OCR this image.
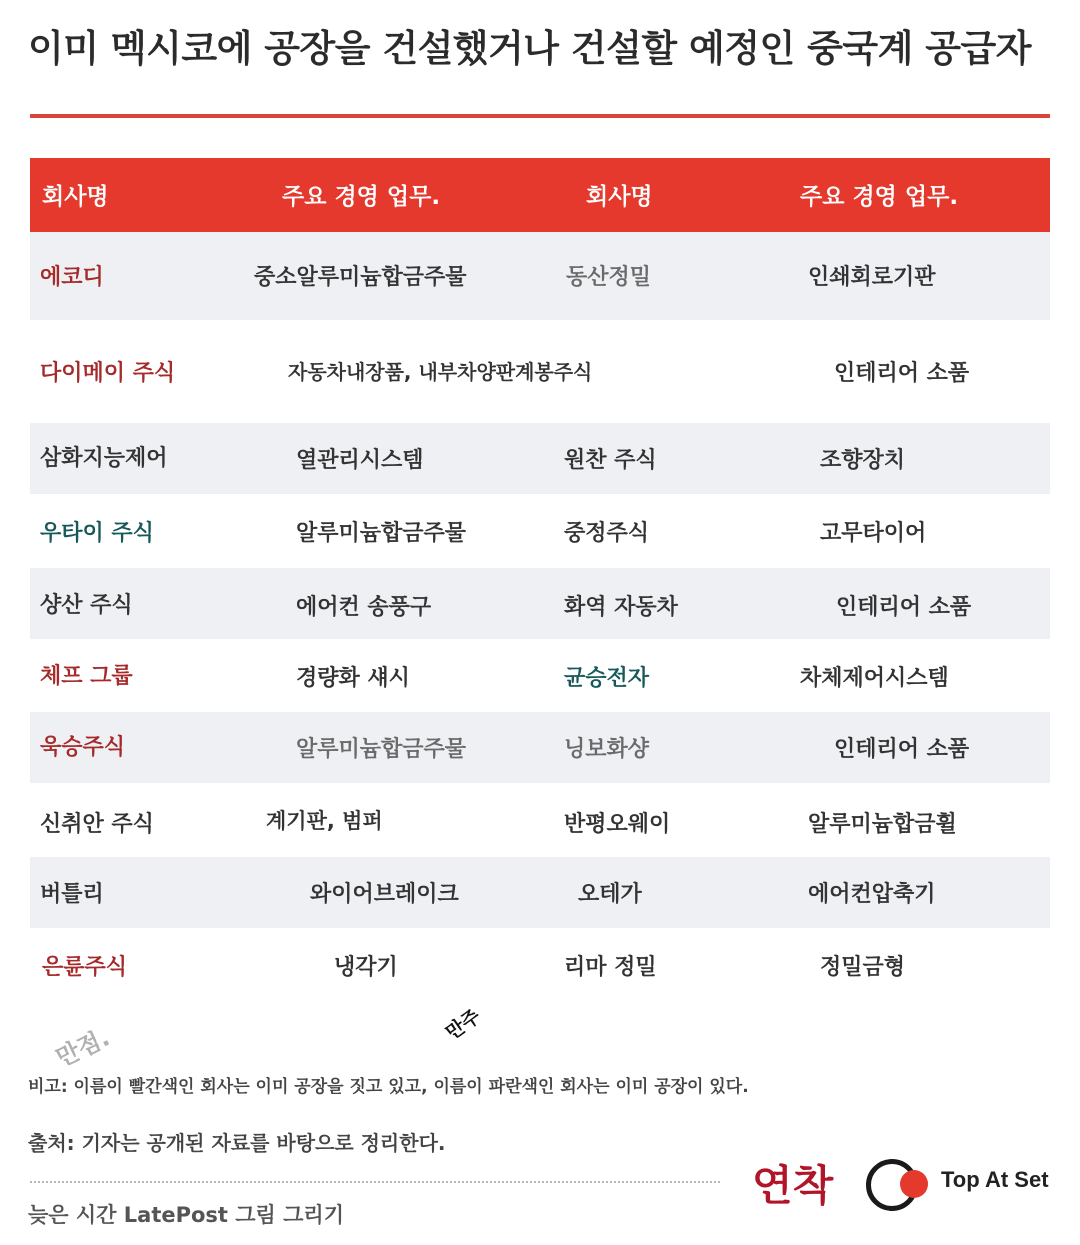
이미 멕시코에 공장을 건설했거나 건설할 예정인 중국계 공급자
회사명	주요 경영 업무.	회사명	주요 경영 업무.
에코디	중소알루미늄합금주물	동산정밀	인쇄회로기판
다이메이 주식	자동차내장품, 내부차양판계봉주식	인테리어 소품
삼화지능제어	열관리시스템	원찬 주식	조향장치
우타이 주식	알루미늄합금주물	중정주식	고무타이어
샹산 주식	에어컨 송풍구	화역 자동차	인테리어 소품
체프 그룹	경량화 섀시	균승전자	차체제어시스템
욱승주식	알루미늄합금주물	닝보화샹	인테리어 소품
신취안 주식	계기판, 범퍼	반평오웨이	알루미늄합금휠
버틀리	와이어브레이크	오테가	에어컨압축기
은륜주식	냉각기	리마 정밀	정밀금형
만점.	만주
비고: 이름이 빨간색인 회사는 이미 공장을 짓고 있고, 이름이 파란색인 회사는 이미 공장이 있다.
출처: 기자는 공개된 자료를 바탕으로 정리한다.
늦은 시간 LatePost 그림 그리기
연착	Top At Set
